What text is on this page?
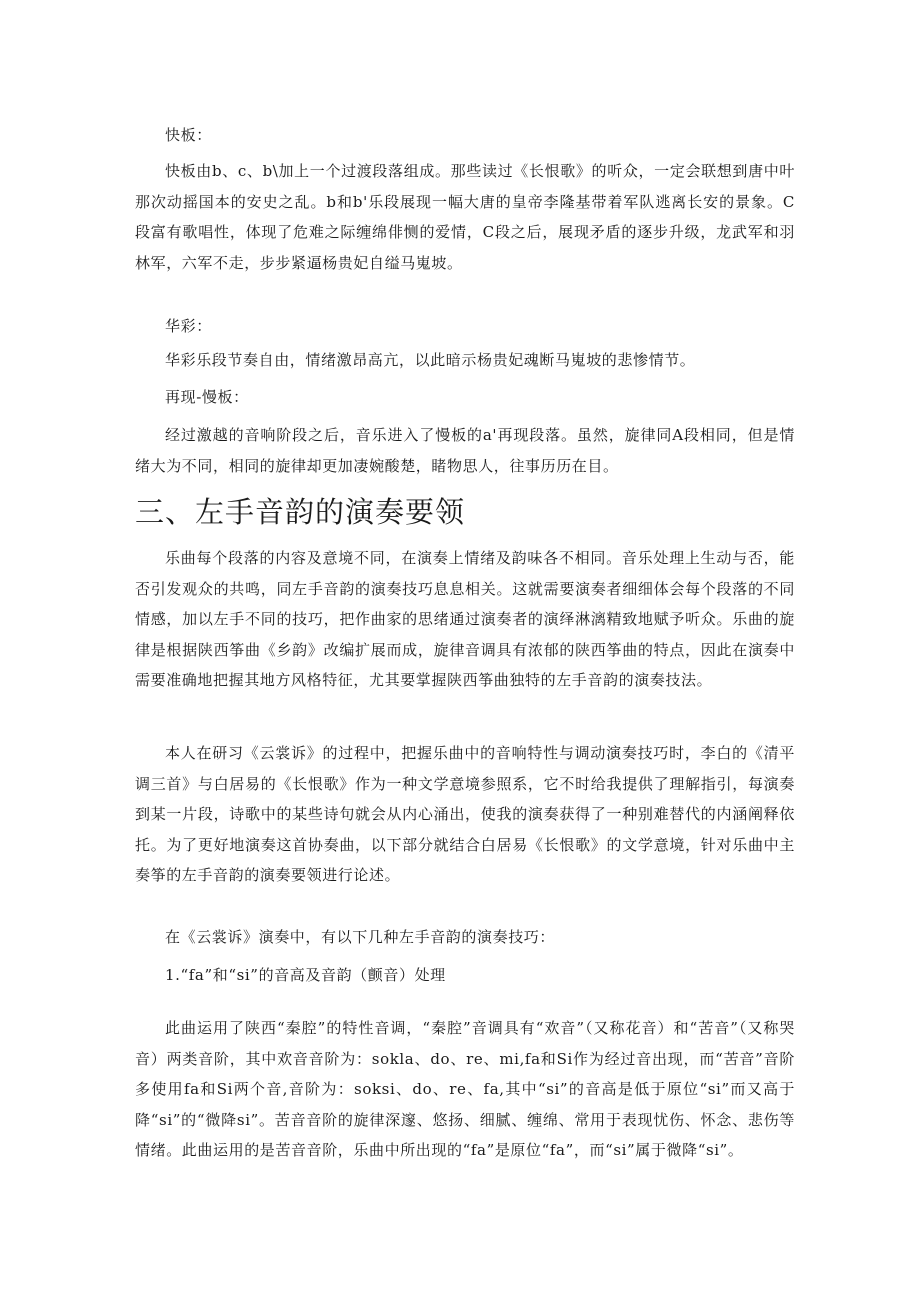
快板：

快板由b、c、b\加上一个过渡段落组成。那些读过《长恨歌》的听众，一定会联想到唐中叶那次动摇国本的安史之乱。b和b'乐段展现一幅大唐的皇帝李隆基带着军队逃离长安的景象。C段富有歌唱性，体现了危难之际缠绵俳恻的爱情，C段之后，展现矛盾的逐步升级，龙武军和羽林军，六军不走，步步紧逼杨贵妃自缢马嵬坡。

华彩：

华彩乐段节奏自由，情绪激昂高亢，以此暗示杨贵妃魂断马嵬坡的悲惨情节。

再现-慢板：

经过激越的音响阶段之后，音乐进入了慢板的a'再现段落。虽然，旋律同A段相同，但是情绪大为不同，相同的旋律却更加凄婉酸楚，睹物思人，往事历历在目。

三、左手音韵的演奏要领

乐曲每个段落的内容及意境不同，在演奏上情绪及韵味各不相同。音乐处理上生动与否，能否引发观众的共鸣，同左手音韵的演奏技巧息息相关。这就需要演奏者细细体会每个段落的不同情感，加以左手不同的技巧，把作曲家的思绪通过演奏者的演绎淋漓精致地赋予听众。乐曲的旋律是根据陕西筝曲《乡韵》改编扩展而成，旋律音调具有浓郁的陕西筝曲的特点，因此在演奏中需要准确地把握其地方风格特征，尤其要掌握陕西筝曲独特的左手音韵的演奏技法。

本人在研习《云裳诉》的过程中，把握乐曲中的音响特性与调动演奏技巧时，李白的《清平调三首》与白居易的《长恨歌》作为一种文学意境参照系，它不时给我提供了理解指引，每演奏到某一片段，诗歌中的某些诗句就会从内心涌出，使我的演奏获得了一种别难替代的内涵阐释依托。为了更好地演奏这首协奏曲，以下部分就结合白居易《长恨歌》的文学意境，针对乐曲中主奏筝的左手音韵的演奏要领进行论述。

在《云裳诉》演奏中，有以下几种左手音韵的演奏技巧：

1.“fa”和“si”的音高及音韵（颤音）处理

此曲运用了陕西“秦腔”的特性音调，“秦腔”音调具有“欢音”（又称花音）和“苦音”（又称哭音）两类音阶，其中欢音音阶为：sokla、do、re、mi,fa和Si作为经过音出现，而“苦音”音阶多使用fa和Si两个音,音阶为：soksi、do、re、fa,其中“si”的音高是低于原位“si”而又高于降“si”的“微降si”。苦音音阶的旋律深邃、悠扬、细腻、缠绵、常用于表现忧伤、怀念、悲伤等情绪。此曲运用的是苦音音阶，乐曲中所出现的“fa”是原位“fa”，而“si”属于微降“si”。
